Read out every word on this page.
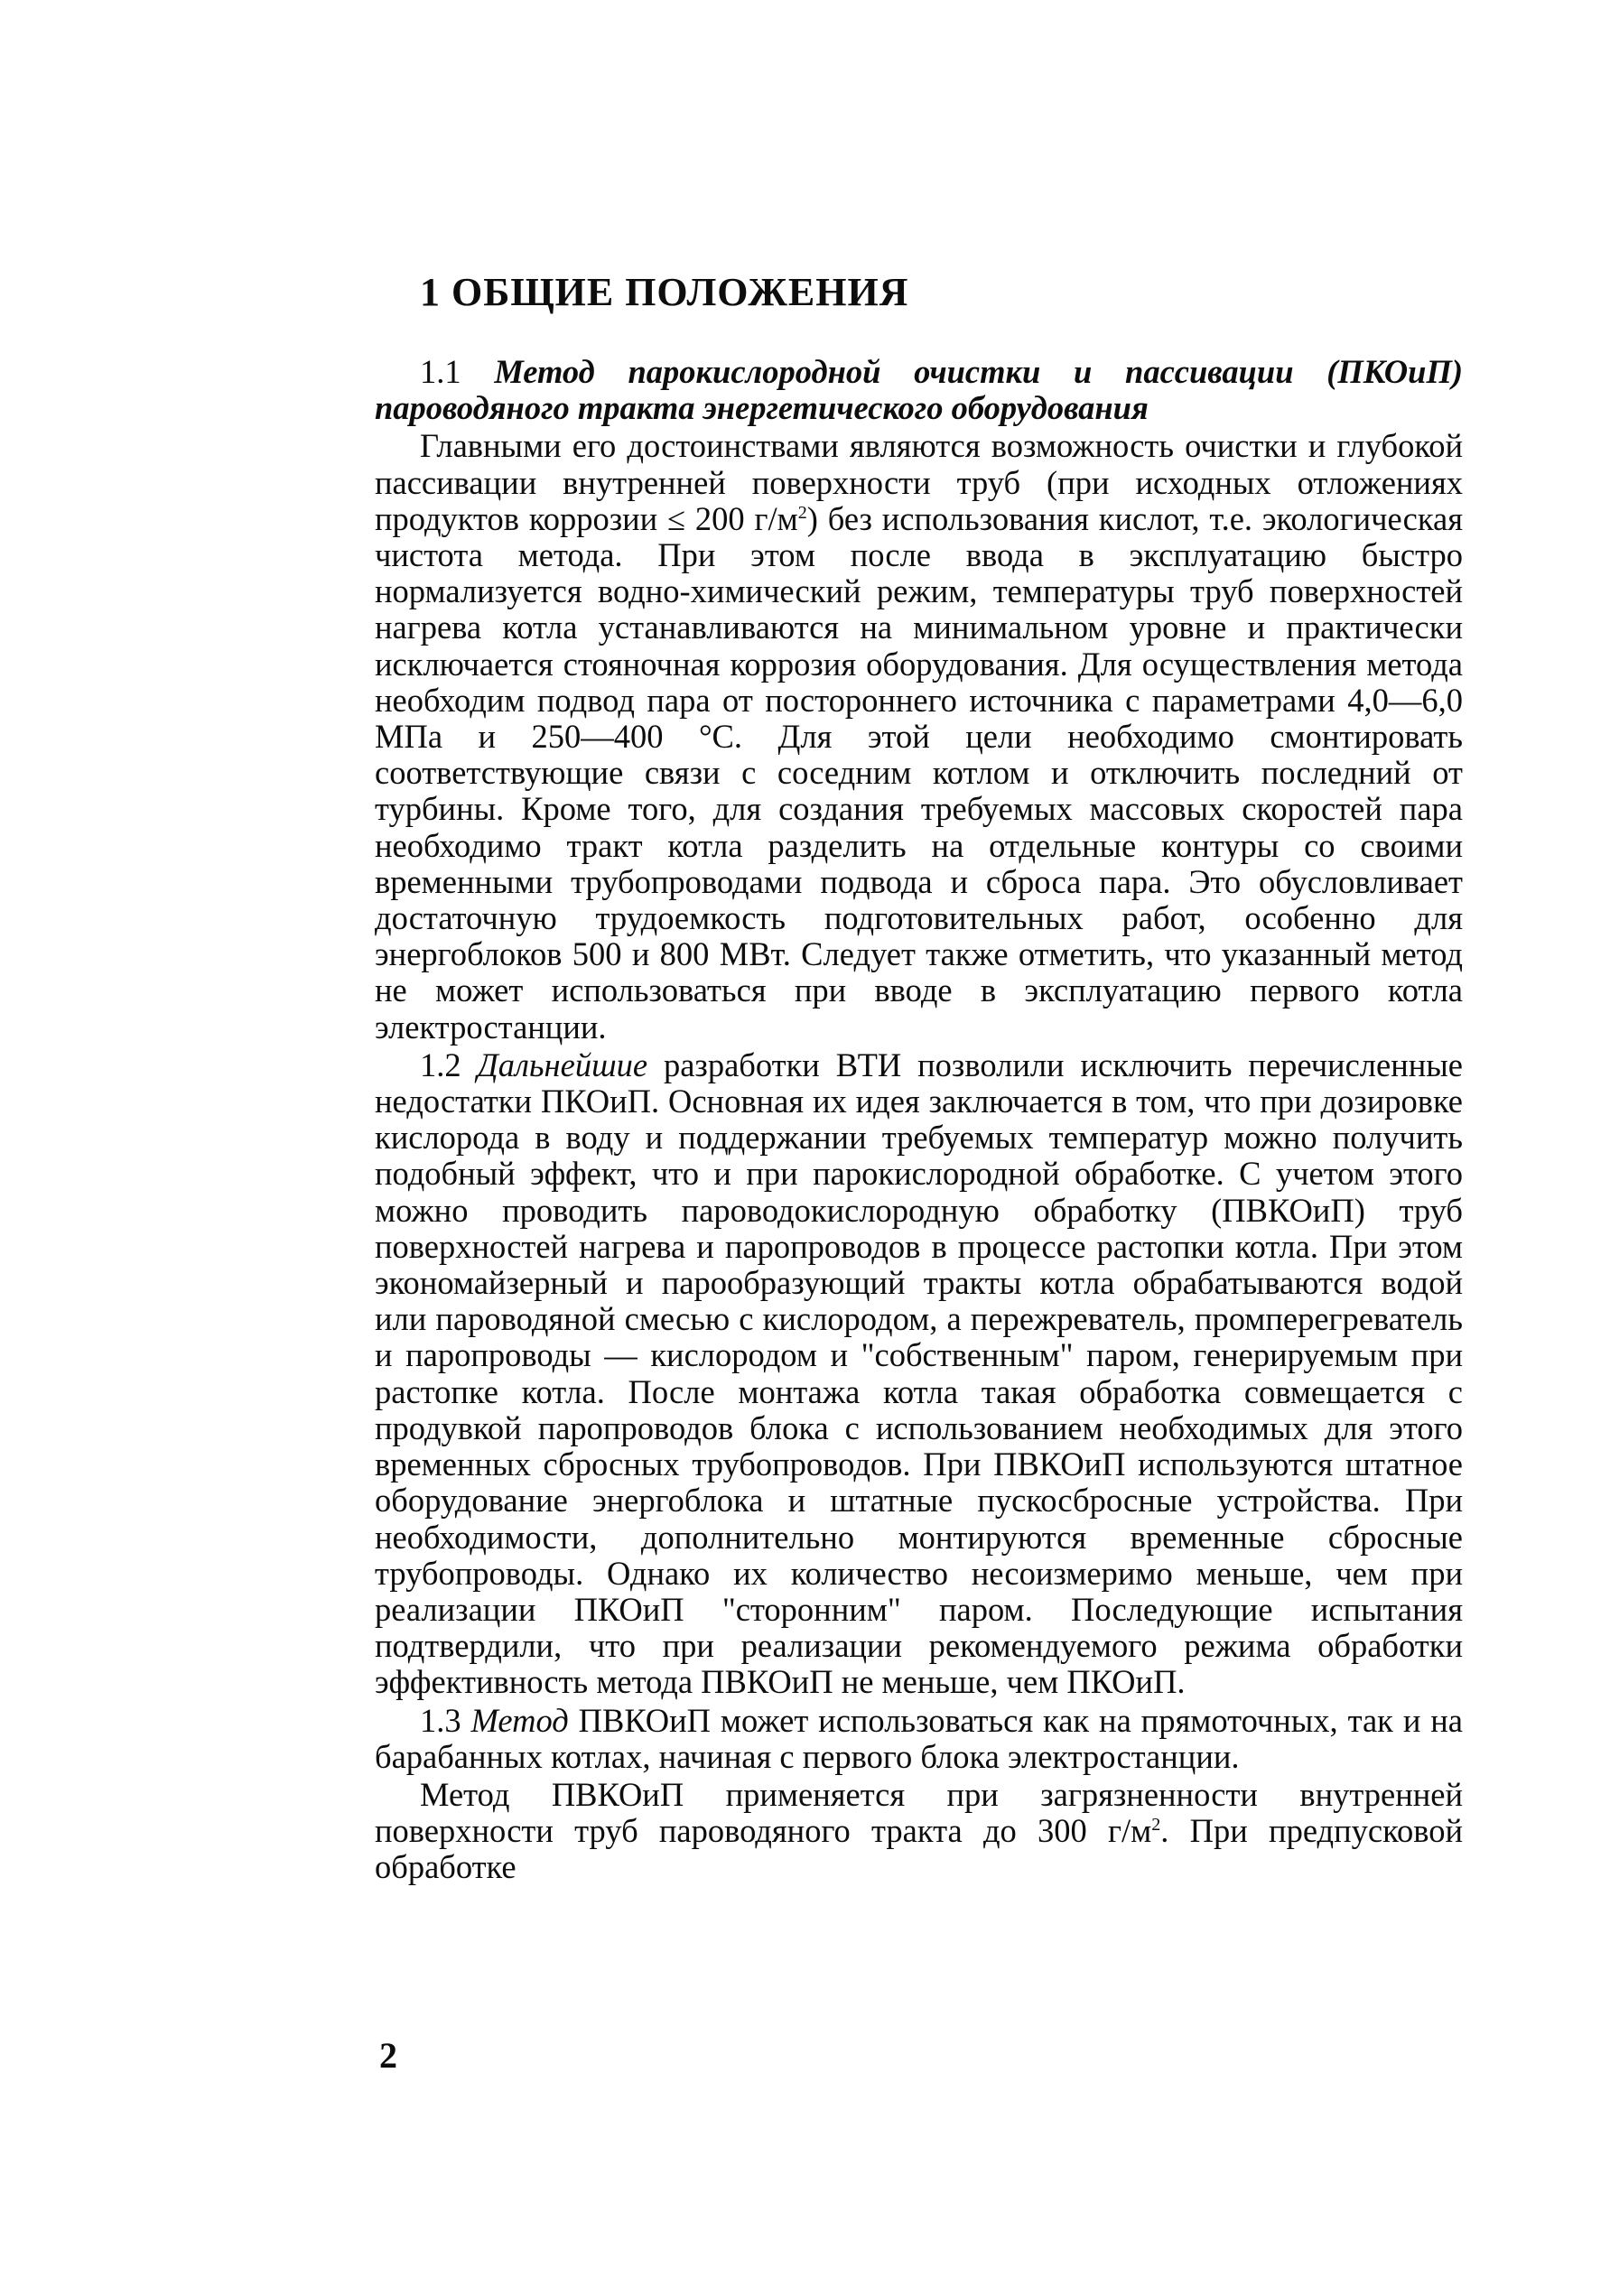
1 ОБЩИЕ ПОЛОЖЕНИЯ

1.1 Метод парокислородной очистки и пассивации (ПКОиП) пароводяного тракта энергетического оборудования

Главными его достоинствами являются возможность очистки и глубокой пассивации внутренней поверхности труб (при исходных отложениях продуктов коррозии ≤ 200 $г/м^2$) без использования кислот, т.е. экологическая чистота метода. При этом после ввода в эксплуатацию быстро нормализуется водно-химический режим, температуры труб поверхностей нагрева котла устанавливаются на минимальном уровне и практически исключается стояночная коррозия оборудования. Для осуществления метода необходим подвод пара от постороннего источника с параметрами 4,0—6,0 МПа и 250—400 °С. Для этой цели необходимо смонтировать соответствующие связи с соседним котлом и отключить последний от турбины. Кроме того, для создания требуемых массовых скоростей пара необходимо тракт котла разделить на отдельные контуры со своими временными трубопроводами подвода и сброса пара. Это обусловливает достаточную трудоемкость подготовительных работ, особенно для энергоблоков 500 и 800 МВт. Следует также отметить, что указанный метод не может использоваться при вводе в эксплуатацию первого котла электростанции.

1.2 Дальнейшие разработки ВТИ позволили исключить перечисленные недостатки ПКОиП. Основная их идея заключается в том, что при дозировке кислорода в воду и поддержании требуемых температур можно получить подобный эффект, что и при парокислородной обработке. С учетом этого можно проводить пароводокислородную обработку (ПВКОиП) труб поверхностей нагрева и паропроводов в процессе растопки котла. При этом экономайзерный и парообразующий тракты котла обрабатываются водой или пароводяной смесью с кислородом, а пережреватель, промперегреватель и паропроводы — кислородом и "собственным" паром, генерируемым при растопке котла. После монтажа котла такая обработка совмещается с продувкой паропроводов блока с использованием необходимых для этого временных сбросных трубопроводов. При ПВКОиП используются штатное оборудование энергоблока и штатные пускосбросные устройства. При необходимости, дополнительно монтируются временные сбросные трубопроводы. Однако их количество несоизмеримо меньше, чем при реализации ПКОиП "сторонним" паром. Последующие испытания подтвердили, что при реализации рекомендуемого режима обработки эффективность метода ПВКОиП не меньше, чем ПКОиП.

1.3 Метод ПВКОиП может использоваться как на прямоточных, так и на барабанных котлах, начиная с первого блока электростанции.

Метод ПВКОиП применяется при загрязненности внутренней поверхности труб пароводяного тракта до 300 $г/м^2$. При предпусковой обработке

2
